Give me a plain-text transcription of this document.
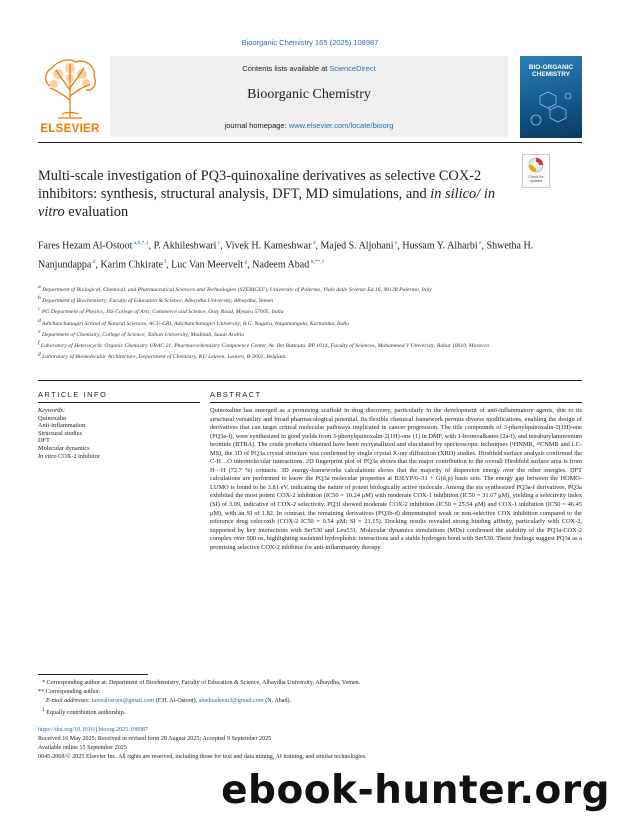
Bioorganic Chemistry 165 (2025) 108987
ELSEVIER
Contents lists available at ScienceDirect
Bioorganic Chemistry
journal homepage: www.elsevier.com/locate/bioorg
BIO-ORGANIC CHEMISTRY
Check for updates
Multi-scale investigation of PQ3-quinoxaline derivatives as selective COX-2 inhibitors: synthesis, structural analysis, DFT, MD simulations, and in silico/ in vitro evaluation
Fares Hezam Al-Ostoot $^{a,b,*,1}$, P. Akhileshwari $^c$, Vivek H. Kameshwar $^d$, Majed S. Aljohani $^e$, Hussam Y. Alharbi $^e$, Shwetha H. Nanjundappa $^d$, Karim Chkirate $^f$, Luc Van Meervelt $^g$, Nadeem Abad $^{b,**,1}$
$^a$ Department of Biological, Chemical, and Pharmaceutical Sciences and Technologies (STEBICEF), University of Palermo, Viale delle Scienze Ed.16, 90128 Palermo, Italy
$^b$ Department of Biochemistry, Faculty of Education & Science, Albaydha University, Albaydha, Yemen
$^c$ PG Department of Physics, JSS College of Arts, Commerce and Science, Ooty Road, Mysuru 57005, India
$^d$ Adichunchanagiri School of Natural Sciences, ACU-CRI, Adichunchanagiri University, B.G. Nagara, Nagamangala, Karnataka, India
$^e$ Department of Chemistry, College of Science, Taibah University, Madinah, Saudi Arabia
$^f$ Laboratory of Heterocyclic Organic Chemistry URAC 21, Pharmacochemistry Competence Center, Av. Ibn Battouta, BP 1014, Faculty of Sciences, Mohammed V University, Rabat 10010, Morocco
$^g$ Laboratory of Biomolecular Architecture, Department of Chemistry, KU Leuven, Leuven, B-3001, Belgium.
ARTICLE INFO	ABSTRACT
Keywords:
Quinoxalin
Anti-inflammation
Structural studies
DFT
Molecular dynamics
In vitro COX-2 inhibitor
Quinoxaline has emerged as a promising scaffold in drug discovery, particularly in the development of anti-inflammatory agents, due to its structural versatility and broad pharmacological potential. Its flexible chemical framework permits diverse modifications, enabling the design of derivatives that can target critical molecular pathways implicated in cancer progression. The title compounds of 3-phenylquinoxalin-2(1H)-one (PQ3a-f), were synthesized in good yields from 3-phenylquinoxalin-2(1H)-one (1) in DMF, with 1-bromoalkanes (2a-f), and tetrabutylammonium bromide (BTBA). The crude products obtained have been recrystallized and elucidated by spectroscopic techniques (¹HNMR, ¹³CNMR and LC-MS), the 3D of PQ3a crystal structure was confirmed by single crystal X-ray diffraction (XRD) studies. Hirshfeld surface analysis confirmed the C-H…O intermolecular interactions. 2D fingerprint plot of PQ3a shows that the major contribution to the overall Hirshfeld surface area is from H···H (72.7 %) contacts. 3D energy-frameworks calculations shows that the majority of dispersion energy over the other energies. DFT calculations are performed to know the PQ3a molecular properties at B3LYP/6–31 + G(d,p) basis sets. The energy gap between the HOMO-LUMO is found to be 3.81 eV, indicating the nature of potent biologically active molecule. Among the six synthesized PQ3a-f derivatives, PQ3a exhibited the most potent COX-2 inhibition (IC50 = 10.24 μM) with moderate COX-1 inhibition (IC50 = 31.67 μM), yielding a selectivity index (SI) of 3.09, indicative of COX-2 selectivity. PQ3f showed moderate COX-2 inhibition (IC50 = 25.54 μM) and COX-1 inhibition (IC50 = 46.45 μM), with an SI of 1.82. In contrast, the remaining derivatives (PQ3b-d) demonstrated weak or non-selective COX inhibition compared to the reference drug celecoxib (COX-2 IC50 = 0.54 μM; SI = 21.15). Docking results revealed strong binding affinity, particularly with COX-2, supported by key interactions with Ser530 and Leu531. Molecular dynamics simulations (MDs) confirmed the stability of the PQ3a-COX-2 complex over 500 ns, highlighting sustained hydrophobic interactions and a stable hydrogen bond with Ser530. These findings suggest PQ3a as a promising selective COX-2 inhibitor for anti-inflammatory therapy.
* Corresponding author at: Department of Biochemistry, Faculty of Education & Science, Albaydha University, Albaydha, Yemen.
** Corresponding author.
E-mail addresses: faresalostoot@gmail.com (F.H. Al-Ostoot), abadnadeem3@gmail.com (N. Abad).
$^1$ Equally contribution authorship.
https://doi.org/10.1016/j.bioorg.2025.108987
Received 16 May 2025; Received in revised form 28 August 2025; Accepted 9 September 2025
Available online 15 September 2025
0045-2068/© 2025 Elsevier Inc. All rights are reserved, including those for text and data mining, AI training, and similar technologies.
ebook-hunter.org
